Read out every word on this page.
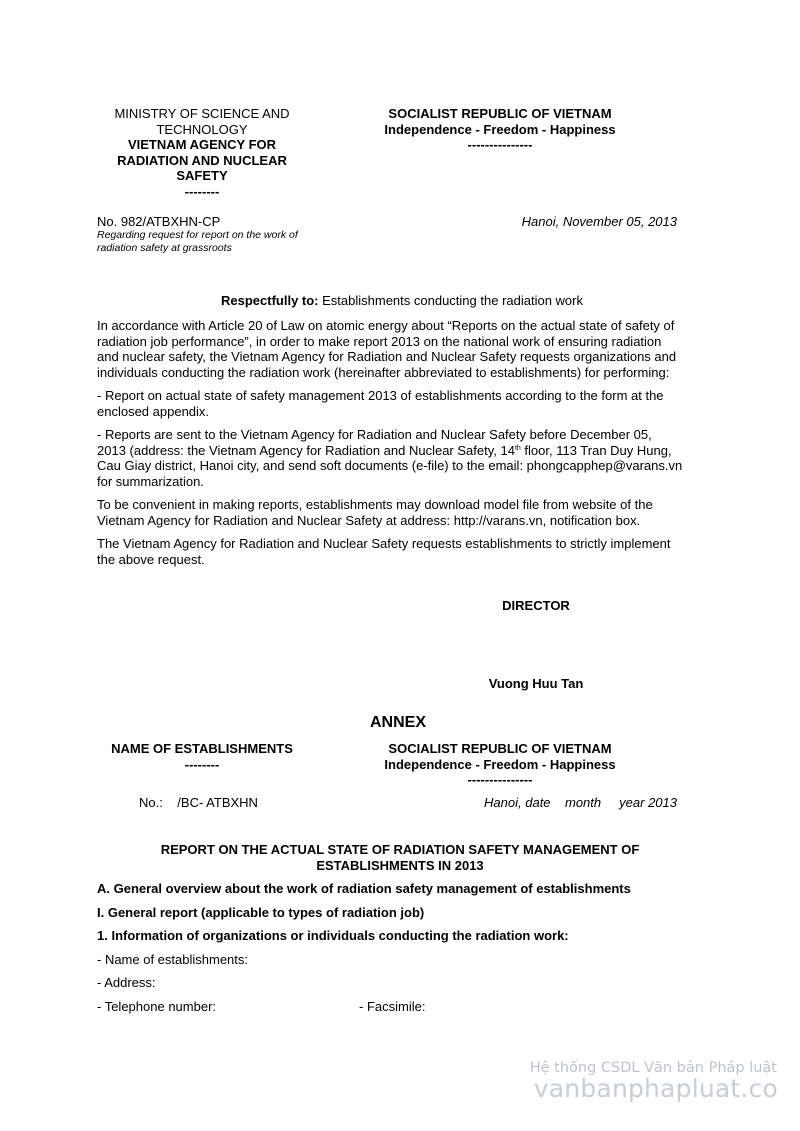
MINISTRY OF SCIENCE AND
TECHNOLOGY
VIETNAM AGENCY FOR
RADIATION AND NUCLEAR
SAFETY
--------
SOCIALIST REPUBLIC OF VIETNAM
Independence - Freedom - Happiness
---------------
No. 982/ATBXHN-CP
Regarding request for report on the work of
radiation safety at grassroots
Hanoi, November 05, 2013
Respectfully to: Establishments conducting the radiation work
In accordance with Article 20 of Law on atomic energy about “Reports on the actual state of safety of
radiation job performance”, in order to make report 2013 on the national work of ensuring radiation
and nuclear safety, the Vietnam Agency for Radiation and Nuclear Safety requests organizations and
individuals conducting the radiation work (hereinafter abbreviated to establishments) for performing:
- Report on actual state of safety management 2013 of establishments according to the form at the
enclosed appendix.
- Reports are sent to the Vietnam Agency for Radiation and Nuclear Safety before December 05,
2013 (address: the Vietnam Agency for Radiation and Nuclear Safety, 14th floor, 113 Tran Duy Hung,
Cau Giay district, Hanoi city, and send soft documents (e-file) to the email: phongcapphep@varans.vn
for summarization.
To be convenient in making reports, establishments may download model file from website of the
Vietnam Agency for Radiation and Nuclear Safety at address: http://varans.vn, notification box.
The Vietnam Agency for Radiation and Nuclear Safety requests establishments to strictly implement
the above request.
DIRECTOR
Vuong Huu Tan
ANNEX
NAME OF ESTABLISHMENTS
--------
SOCIALIST REPUBLIC OF VIETNAM
Independence - Freedom - Happiness
---------------
No.:    /BC- ATBXHN	Hanoi, date    month     year 2013
REPORT ON THE ACTUAL STATE OF RADIATION SAFETY MANAGEMENT OF
ESTABLISHMENTS IN 2013
A. General overview about the work of radiation safety management of establishments
I. General report (applicable to types of radiation job)
1. Information of organizations or individuals conducting the radiation work:
- Name of establishments:
- Address:
- Telephone number:	- Facsimile:
Hệ thống CSDL Văn bản Pháp luật
vanbanphapluat.co
